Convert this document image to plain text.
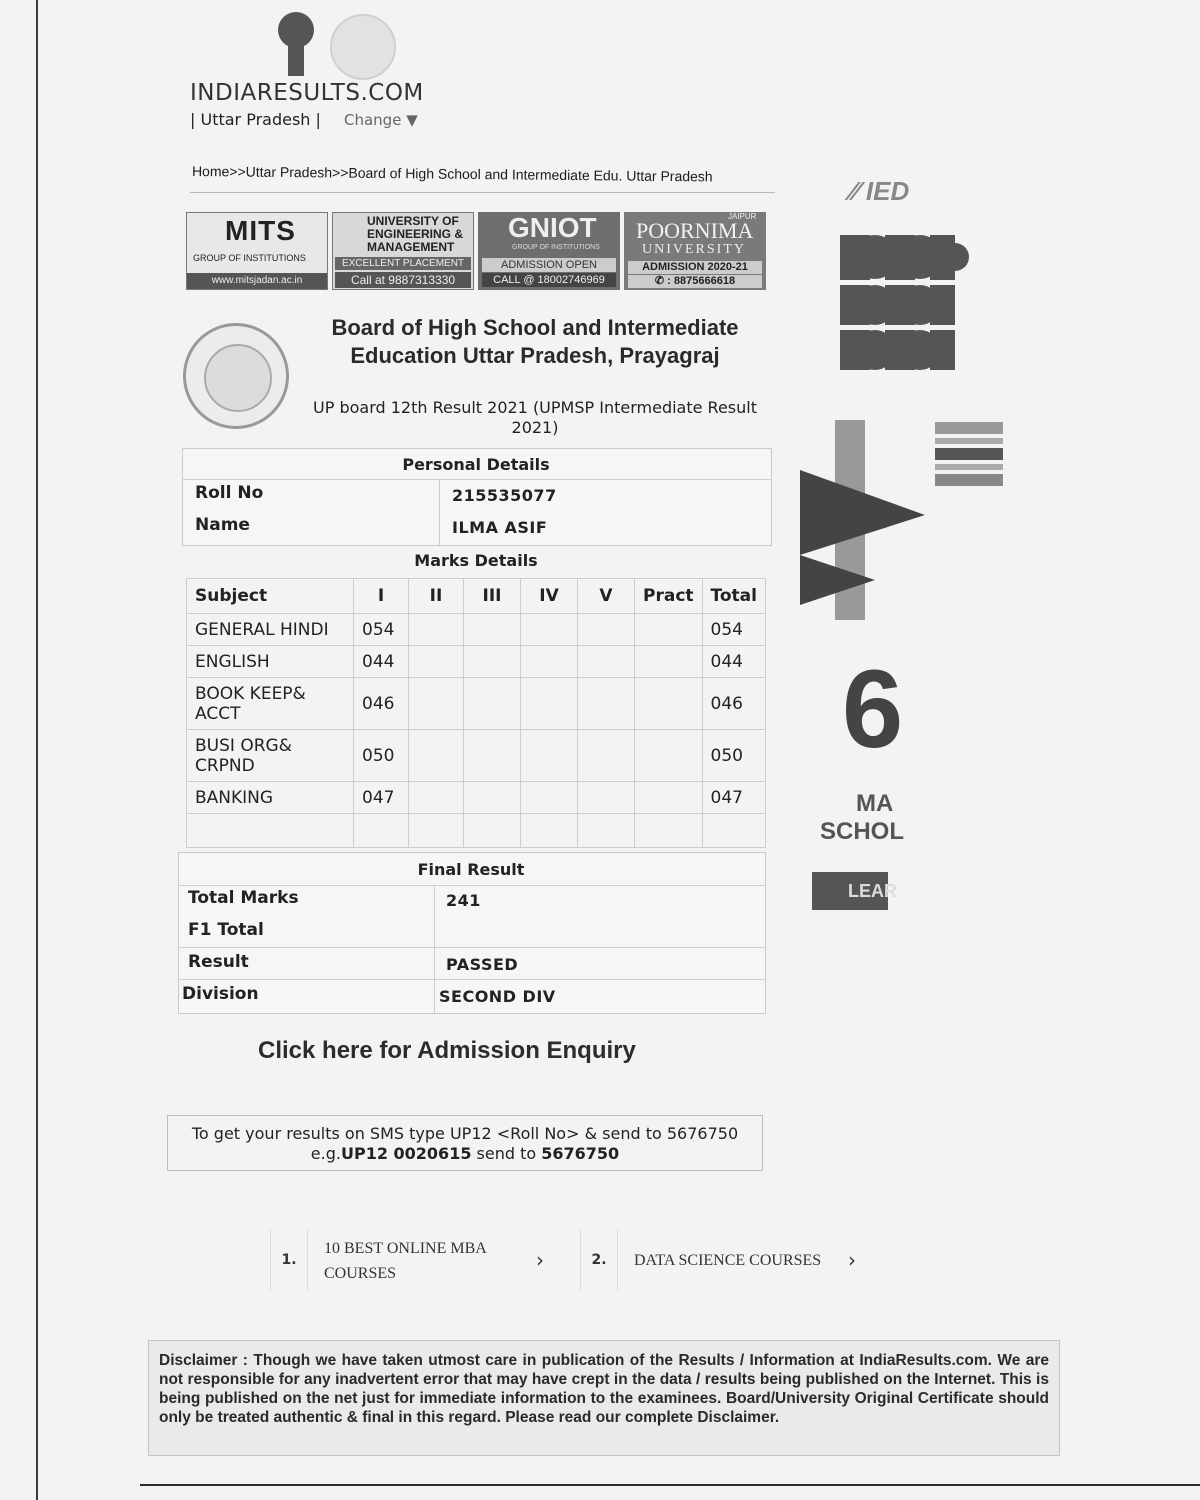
INDIARESULTS.COM
| Uttar Pradesh | Change ▼
Home>>Uttar Pradesh>>Board of High School and Intermediate Edu. Uttar Pradesh
MITS
GROUP OF INSTITUTIONS
www.mitsjadan.ac.in
UNIVERSITY OF ENGINEERING & MANAGEMENT
EXCELLENT PLACEMENT
Call at 9887313330
GNIOT
GROUP OF INSTITUTIONS
ADMISSION OPEN
CALL @ 18002746969
JAIPUR
POORNIMA
UNIVERSITY
ADMISSION 2020-21
✆ : 8875666618
Board of High School and Intermediate
Education Uttar Pradesh, Prayagraj
UP board 12th Result 2021 (UPMSP Intermediate Result 2021)
Personal Details
Roll No	215535077
Name	ILMA ASIF
Marks Details
Subject	I	II	III	IV	V	Pract	Total
GENERAL HINDI	054						054
ENGLISH	044						044
BOOK KEEP& ACCT	046						046
BUSI ORG& CRPND	050						050
BANKING	047						047

Final Result
Total Marks	241
F1 Total
Result	PASSED
Division	SECOND DIV
Click here for Admission Enquiry
To get your results on SMS type UP12 <Roll No> & send to 5676750
e.g.UP12 0020615 send to 5676750
1.
10 BEST ONLINE MBA
COURSES
›	2.	DATA SCIENCE COURSES ›
Disclaimer : Though we have taken utmost care in publication of the Results / Information at IndiaResults.com. We are not responsible for any inadvertent error that may have crept in the data / results being published on the Internet. This is being published on the net just for immediate information to the examinees. Board/University Original Certificate should only be treated authentic & final in this regard. Please read our complete Disclaimer.
⁄⁄ IED
6
MA
SCHOL
LEAR
